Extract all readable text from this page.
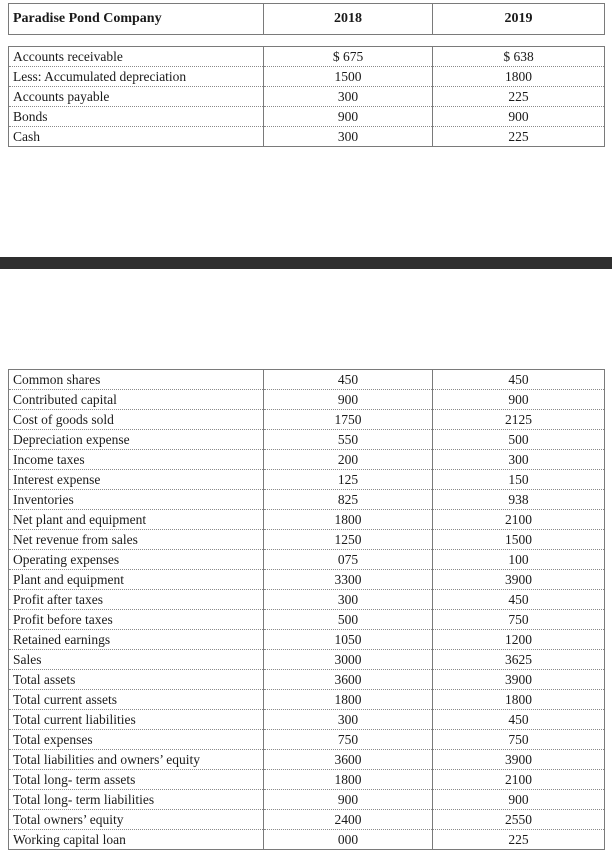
Paradise Pond Company	2018	2019
Accounts receivable	$ 675	$ 638
Less: Accumulated depreciation	1500	1800
Accounts payable	300	225
Bonds	900	900
Cash	300	225
Common shares	450	450
Contributed capital	900	900
Cost of goods sold	1750	2125
Depreciation expense	550	500
Income taxes	200	300
Interest expense	125	150
Inventories	825	938
Net plant and equipment	1800	2100
Net revenue from sales	1250	1500
Operating expenses	075	100
Plant and equipment	3300	3900
Profit after taxes	300	450
Profit before taxes	500	750
Retained earnings	1050	1200
Sales	3000	3625
Total assets	3600	3900
Total current assets	1800	1800
Total current liabilities	300	450
Total expenses	750	750
Total liabilities and owners’ equity	3600	3900
Total long- term assets	1800	2100
Total long- term liabilities	900	900
Total owners’ equity	2400	2550
Working capital loan	000	225
